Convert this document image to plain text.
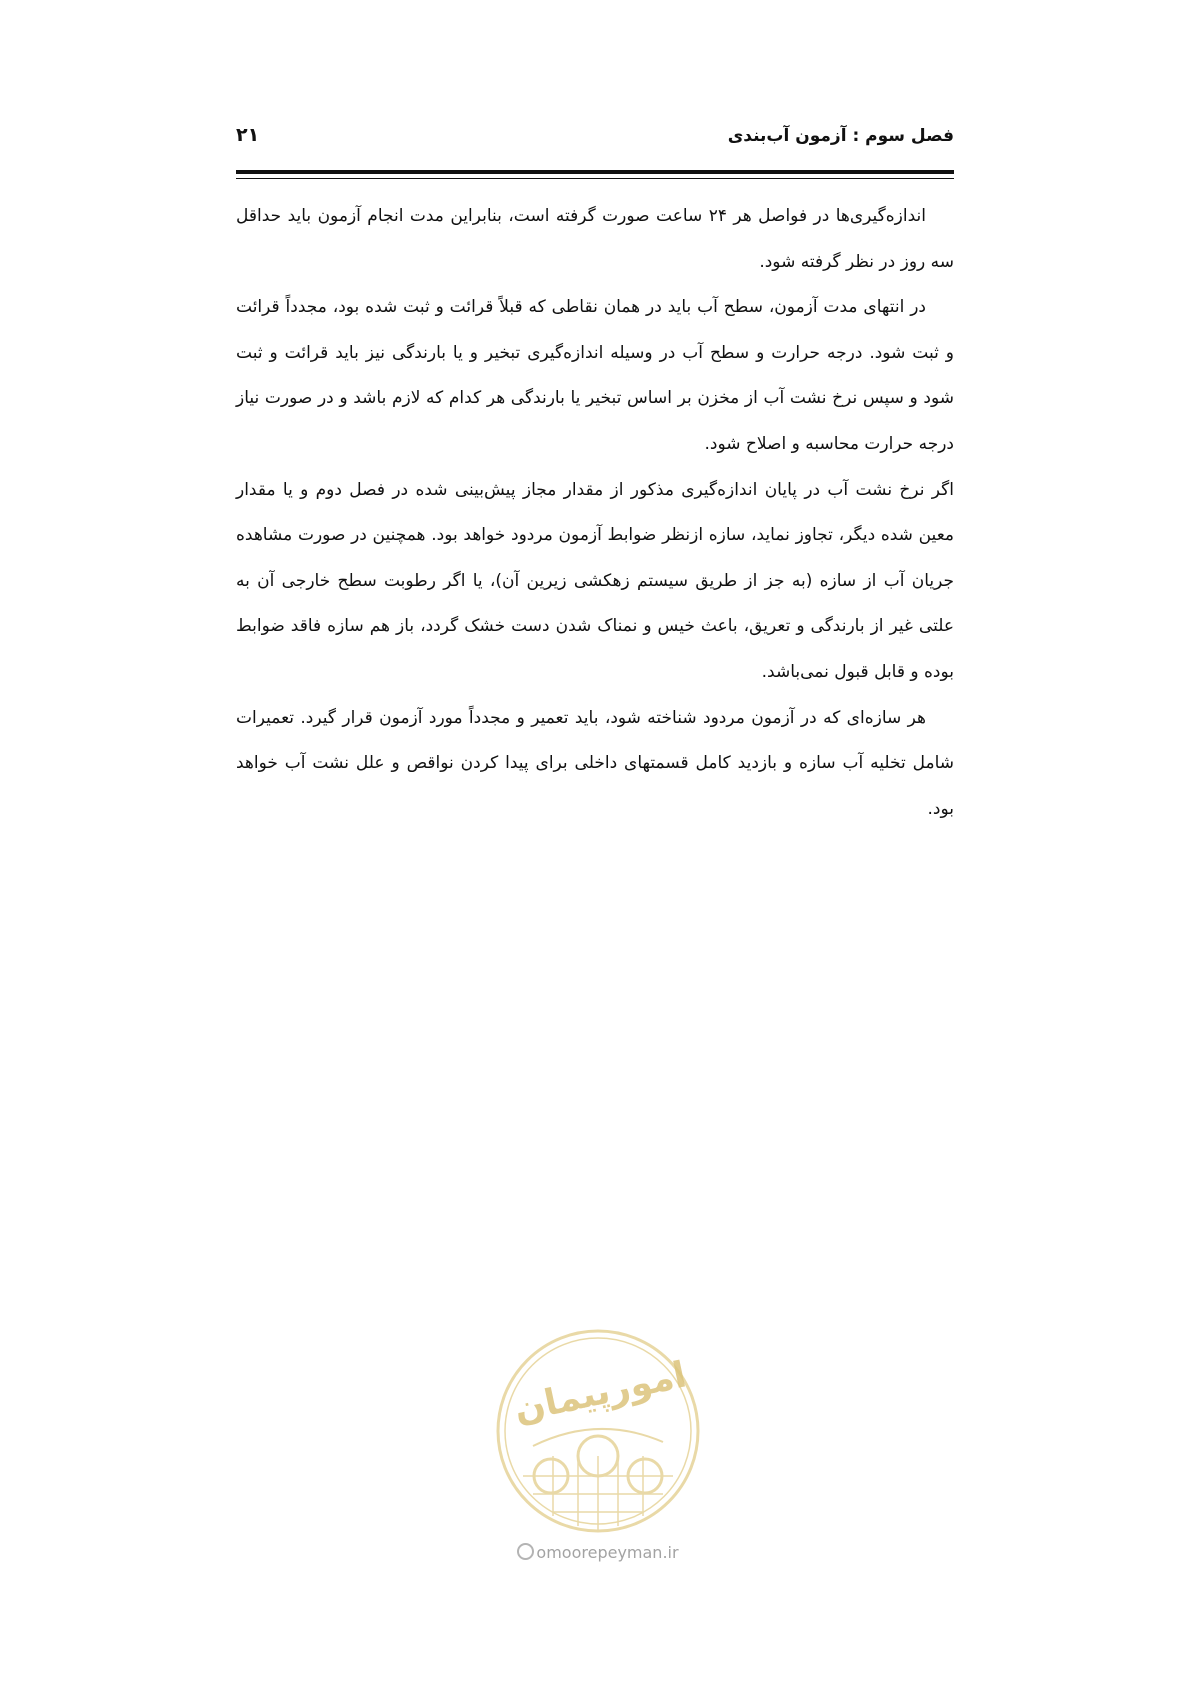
فصل سوم : آزمون آب‌بندی
۲۱

اندازه‌گیری‌ها در فواصل هر ۲۴ ساعت صورت گرفته است، بنابراین مدت انجام آزمون باید حداقل سه روز در نظر گرفته شود.

در انتهای مدت آزمون، سطح آب باید در همان نقاطی که قبلاً قرائت و ثبت شده بود، مجدداً قرائت و ثبت شود. درجه حرارت و سطح آب در وسیله اندازه‌گیری تبخیر و یا بارندگی نیز باید قرائت و ثبت شود و سپس نرخ نشت آب از مخزن بر اساس تبخیر یا بارندگی هر کدام که لازم باشد و در صورت نیاز درجه حرارت محاسبه و اصلاح شود.

اگر نرخ نشت آب در پایان اندازه‌گیری مذکور از مقدار مجاز پیش‌بینی شده در فصل دوم و یا مقدار معین شده دیگر، تجاوز نماید، سازه ازنظر ضوابط آزمون مردود خواهد بود. همچنین در صورت مشاهده جریان آب از سازه (به جز از طریق سیستم زهکشی زیرین آن)، یا اگر رطوبت سطح خارجی آن به علتی غیر از بارندگی و تعریق، باعث خیس و نمناک شدن دست خشک گردد، باز هم سازه فاقد ضوابط بوده و قابل قبول نمی‌باشد.

هر سازه‌ای که در آزمون مردود شناخته شود، باید تعمیر و مجدداً مورد آزمون قرار گیرد. تعمیرات شامل تخلیه آب سازه و بازدید کامل قسمتهای داخلی برای پیدا کردن نواقص و علل نشت آب خواهد بود.

امورپیمان
omoorepeyman.ir
